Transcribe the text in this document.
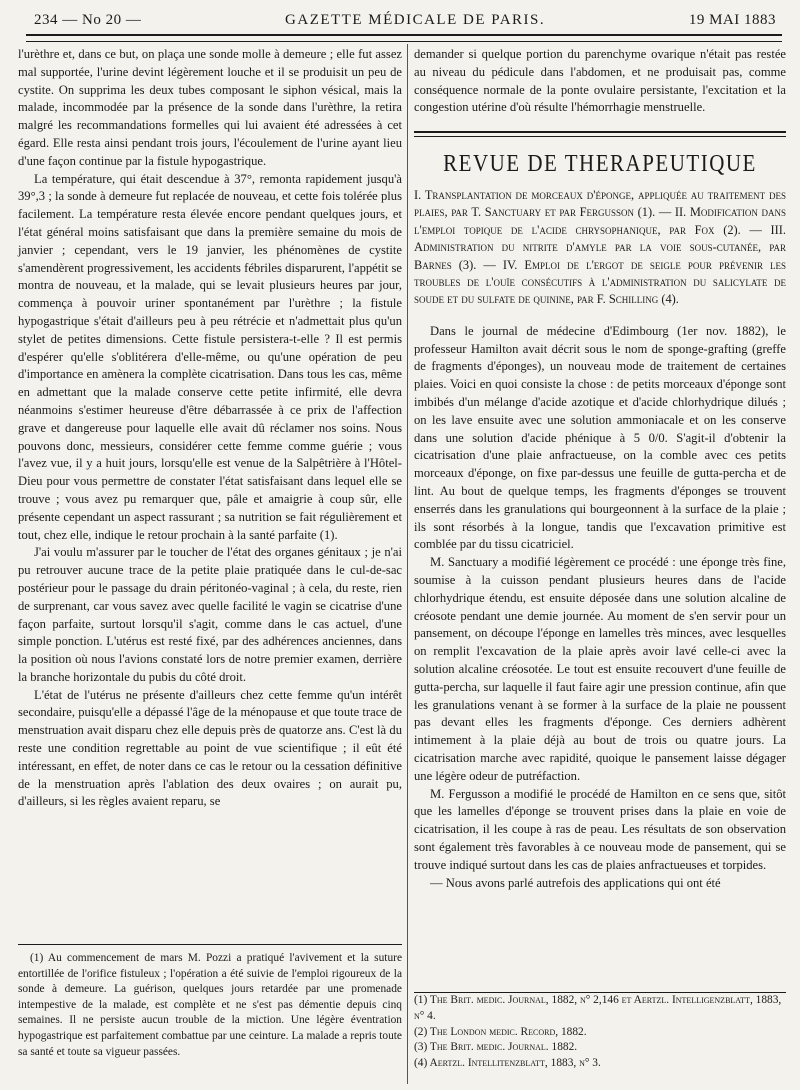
234 — No 20 —	GAZETTE MÉDICALE DE PARIS.	19 MAI 1883

l'urèthre et, dans ce but, on plaça une sonde molle à demeure ; elle fut assez mal supportée, l'urine devint légèrement louche et il se produisit un peu de cystite. On supprima les deux tubes composant le siphon vésical, mais la malade, incommodée par la présence de la sonde dans l'urèthre, la retira malgré les recommandations formelles qui lui avaient été adressées à cet égard. Elle resta ainsi pendant trois jours, l'écoulement de l'urine ayant lieu d'une façon continue par la fistule hypogastrique.

La température, qui était descendue à 37°, remonta rapidement jusqu'à 39°,3 ; la sonde à demeure fut replacée de nouveau, et cette fois tolérée plus facilement. La température resta élevée encore pendant quelques jours, et l'état général moins satisfaisant que dans la première semaine du mois de janvier ; cependant, vers le 19 janvier, les phénomènes de cystite s'amendèrent progressivement, les accidents fébriles disparurent, l'appétit se montra de nouveau, et la malade, qui se levait plusieurs heures par jour, commença à pouvoir uriner spontanément par l'urèthre ; la fistule hypogastrique s'était d'ailleurs peu à peu rétrécie et n'admettait plus qu'un stylet de petites dimensions. Cette fistule persistera-t-elle ? Il est permis d'espérer qu'elle s'oblitérera d'elle-même, ou qu'une opération de peu d'importance en amènera la complète cicatrisation. Dans tous les cas, même en admettant que la malade conserve cette petite infirmité, elle devra néanmoins s'estimer heureuse d'être débarrassée à ce prix de l'affection grave et dangereuse pour laquelle elle avait dû réclamer nos soins. Nous pouvons donc, messieurs, considérer cette femme comme guérie ; vous l'avez vue, il y a huit jours, lorsqu'elle est venue de la Salpêtrière à l'Hôtel-Dieu pour vous permettre de constater l'état satisfaisant dans lequel elle se trouve ; vous avez pu remarquer que, pâle et amaigrie à coup sûr, elle présente cependant un aspect rassurant ; sa nutrition se fait régulièrement et tout, chez elle, indique le retour prochain à la santé parfaite (1).

J'ai voulu m'assurer par le toucher de l'état des organes génitaux ; je n'ai pu retrouver aucune trace de la petite plaie pratiquée dans le cul-de-sac postérieur pour le passage du drain péritonéo-vaginal ; à cela, du reste, rien de surprenant, car vous savez avec quelle facilité le vagin se cicatrise d'une façon parfaite, surtout lorsqu'il s'agit, comme dans le cas actuel, d'une simple ponction. L'utérus est resté fixé, par des adhérences anciennes, dans la position où nous l'avions constaté lors de notre premier examen, derrière la branche horizontale du pubis du côté droit.

L'état de l'utérus ne présente d'ailleurs chez cette femme qu'un intérêt secondaire, puisqu'elle a dépassé l'âge de la ménopause et que toute trace de menstruation avait disparu chez elle depuis près de quatorze ans. C'est là du reste une condition regrettable au point de vue scientifique ; il eût été intéressant, en effet, de noter dans ce cas le retour ou la cessation définitive de la menstruation après l'ablation des deux ovaires ; on aurait pu, d'ailleurs, si les règles avaient reparu, se

(1) Au commencement de mars M. Pozzi a pratiqué l'avivement et la suture entortillée de l'orifice fistuleux ; l'opération a été suivie de l'emploi rigoureux de la sonde à demeure. La guérison, quelques jours retardée par une promenade intempestive de la malade, est complète et ne s'est pas démentie depuis cinq semaines. Il ne persiste aucun trouble de la miction. Une légère éventration hypogastrique est parfaitement combattue par une ceinture. La malade a repris toute sa santé et toute sa vigueur passées.

demander si quelque portion du parenchyme ovarique n'était pas restée au niveau du pédicule dans l'abdomen, et ne produisait pas, comme conséquence normale de la ponte ovulaire persistante, l'excitation et la congestion utérine d'où résulte l'hémorrhagie menstruelle.

REVUE DE THERAPEUTIQUE
I. Transplantation de morceaux d'éponge, appliquée au traitement des plaies, par T. Sanctuary et par Fergusson (1). — II. Modification dans l'emploi topique de l'acide chrysophanique, par Fox (2). — III. Administration du nitrite d'amyle par la voie sous-cutanée, par Barnes (3). — IV. Emploi de l'ergot de seigle pour prévenir les troubles de l'ouïe consécutifs à l'administration du salicylate de soude et du sulfate de quinine, par F. Schilling (4).

Dans le journal de médecine d'Edimbourg (1er nov. 1882), le professeur Hamilton avait décrit sous le nom de sponge-grafting (greffe de fragments d'éponges), un nouveau mode de traitement de certaines plaies. Voici en quoi consiste la chose : de petits morceaux d'éponge sont imbibés d'un mélange d'acide azotique et d'acide chlorhydrique dilués ; on les lave ensuite avec une solution ammoniacale et on les conserve dans une solution d'acide phénique à 5 0/0. S'agit-il d'obtenir la cicatrisation d'une plaie anfractueuse, on la comble avec ces petits morceaux d'éponge, on fixe par-dessus une feuille de gutta-percha et de lint. Au bout de quelque temps, les fragments d'éponges se trouvent enserrés dans les granulations qui bourgeonnent à la surface de la plaie ; ils sont résorbés à la longue, tandis que l'excavation primitive est comblée par du tissu cicatriciel.

M. Sanctuary a modifié légèrement ce procédé : une éponge très fine, soumise à la cuisson pendant plusieurs heures dans de l'acide chlorhydrique étendu, est ensuite déposée dans une solution alcaline de créosote pendant une demie journée. Au moment de s'en servir pour un pansement, on découpe l'éponge en lamelles très minces, avec lesquelles on remplit l'excavation de la plaie après avoir lavé celle-ci avec la solution alcaline créosotée. Le tout est ensuite recouvert d'une feuille de gutta-percha, sur laquelle il faut faire agir une pression continue, afin que les granulations venant à se former à la surface de la plaie ne poussent pas devant elles les fragments d'éponge. Ces derniers adhèrent intimement à la plaie déjà au bout de trois ou quatre jours. La cicatrisation marche avec rapidité, quoique le pansement laisse dégager une légère odeur de putréfaction.

M. Fergusson a modifié le procédé de Hamilton en ce sens que, sitôt que les lamelles d'éponge se trouvent prises dans la plaie en voie de cicatrisation, il les coupe à ras de peau. Les résultats de son observation sont également très favorables à ce nouveau mode de pansement, qui se trouve indiqué surtout dans les cas de plaies anfractueuses et torpides.

— Nous avons parlé autrefois des applications qui ont été

(1) The Brit. medic. Journal, 1882, n° 2,146 et Aertzl. Intelligenzblatt, 1883, n° 4.
(2) The London medic. Record, 1882.
(3) The Brit. medic. Journal. 1882.
(4) Aertzl. Intellitenzblatt, 1883, n° 3.
